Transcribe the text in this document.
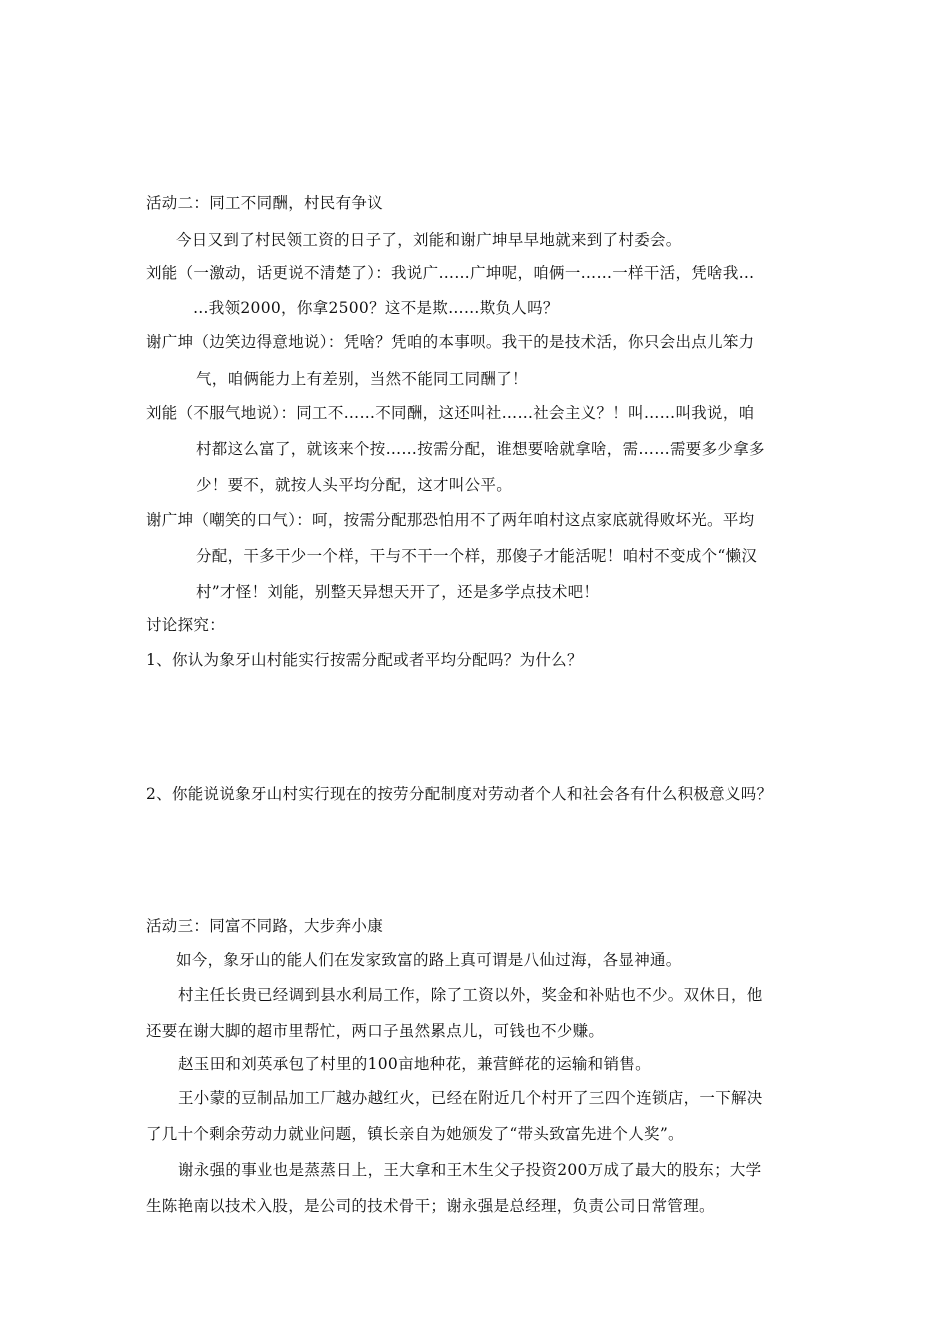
活动二：同工不同酬，村民有争议

今日又到了村民领工资的日子了，刘能和谢广坤早早地就来到了村委会。

刘能（一激动，话更说不清楚了）：我说广……广坤呢，咱俩一……一样干活，凭啥我…

…我领2000，你拿2500？这不是欺……欺负人吗？

谢广坤（边笑边得意地说）：凭啥？凭咱的本事呗。我干的是技术活，你只会出点儿笨力

气，咱俩能力上有差别，当然不能同工同酬了！

刘能（不服气地说）：同工不……不同酬，这还叫社……社会主义？！叫……叫我说，咱

村都这么富了，就该来个按……按需分配，谁想要啥就拿啥，需……需要多少拿多

少！要不，就按人头平均分配，这才叫公平。

谢广坤（嘲笑的口气）：呵，按需分配那恐怕用不了两年咱村这点家底就得败坏光。平均

分配，干多干少一个样，干与不干一个样，那傻子才能活呢！咱村不变成个“懒汉

村”才怪！刘能，别整天异想天开了，还是多学点技术吧！

讨论探究：

1、你认为象牙山村能实行按需分配或者平均分配吗？为什么？

2、你能说说象牙山村实行现在的按劳分配制度对劳动者个人和社会各有什么积极意义吗？

活动三：同富不同路，大步奔小康

如今，象牙山的能人们在发家致富的路上真可谓是八仙过海，各显神通。

村主任长贵已经调到县水利局工作，除了工资以外，奖金和补贴也不少。双休日，他

还要在谢大脚的超市里帮忙，两口子虽然累点儿，可钱也不少赚。

赵玉田和刘英承包了村里的100亩地种花，兼营鲜花的运输和销售。

王小蒙的豆制品加工厂越办越红火，已经在附近几个村开了三四个连锁店，一下解决

了几十个剩余劳动力就业问题，镇长亲自为她颁发了“带头致富先进个人奖”。

谢永强的事业也是蒸蒸日上，王大拿和王木生父子投资200万成了最大的股东；大学

生陈艳南以技术入股，是公司的技术骨干；谢永强是总经理，负责公司日常管理。
